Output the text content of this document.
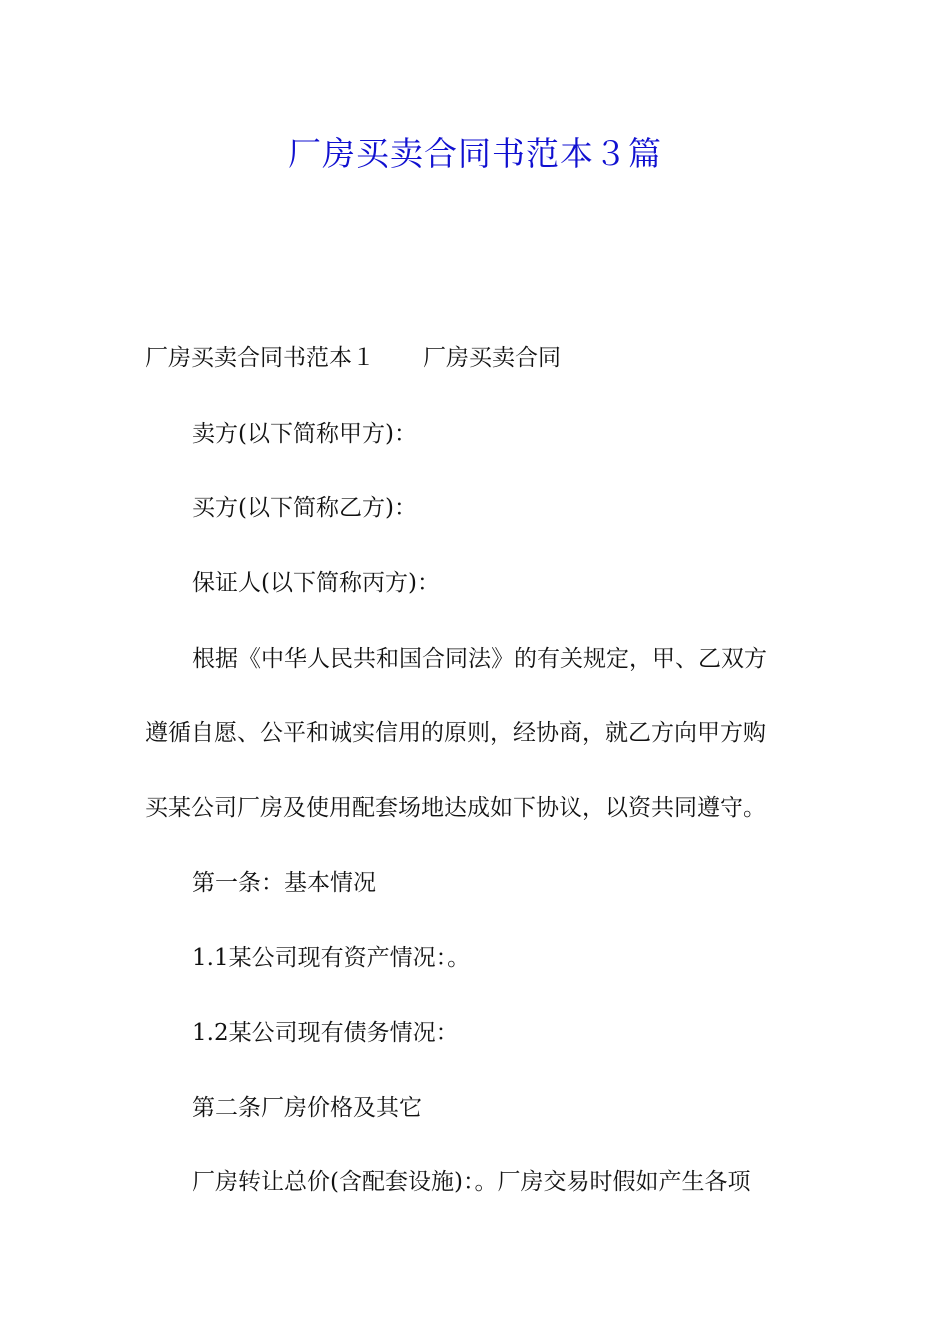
厂房买卖合同书范本３篇

厂房买卖合同书范本１ 厂房买卖合同

卖方(以下简称甲方)：

买方(以下简称乙方)：

保证人(以下简称丙方)：

根据《中华人民共和国合同法》的有关规定，甲、乙双方

遵循自愿、公平和诚实信用的原则，经协商，就乙方向甲方购

买某公司厂房及使用配套场地达成如下协议，以资共同遵守。

第一条：基本情况

1.1某公司现有资产情况：。

1.2某公司现有债务情况：

第二条厂房价格及其它

厂房转让总价(含配套设施)：。厂房交易时假如产生各项
